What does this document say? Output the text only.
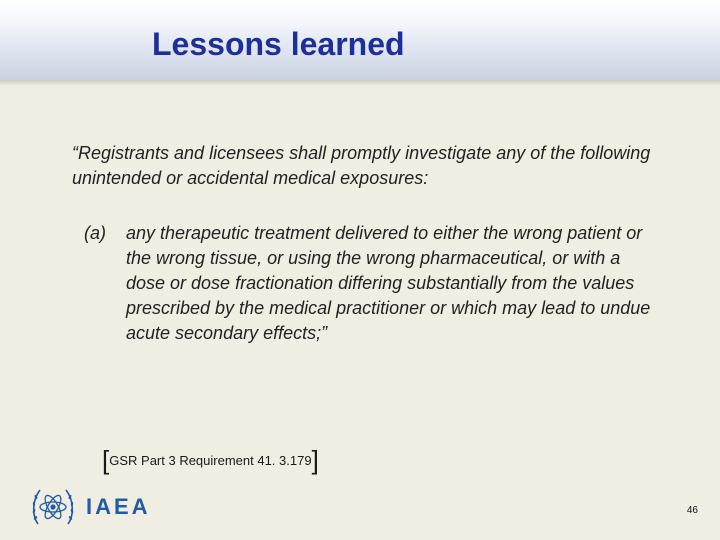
Lessons learned

“Registrants and licensees shall promptly investigate any of the following unintended or accidental medical exposures:

(a)	any therapeutic treatment delivered to either the wrong patient or the wrong tissue, or using the wrong pharmaceutical, or with a dose or dose fractionation differing substantially from the values prescribed by the medical practitioner or which may lead to undue acute secondary effects;”
[ GSR Part 3 Requirement 41. 3.179 ]
IAEA	46
